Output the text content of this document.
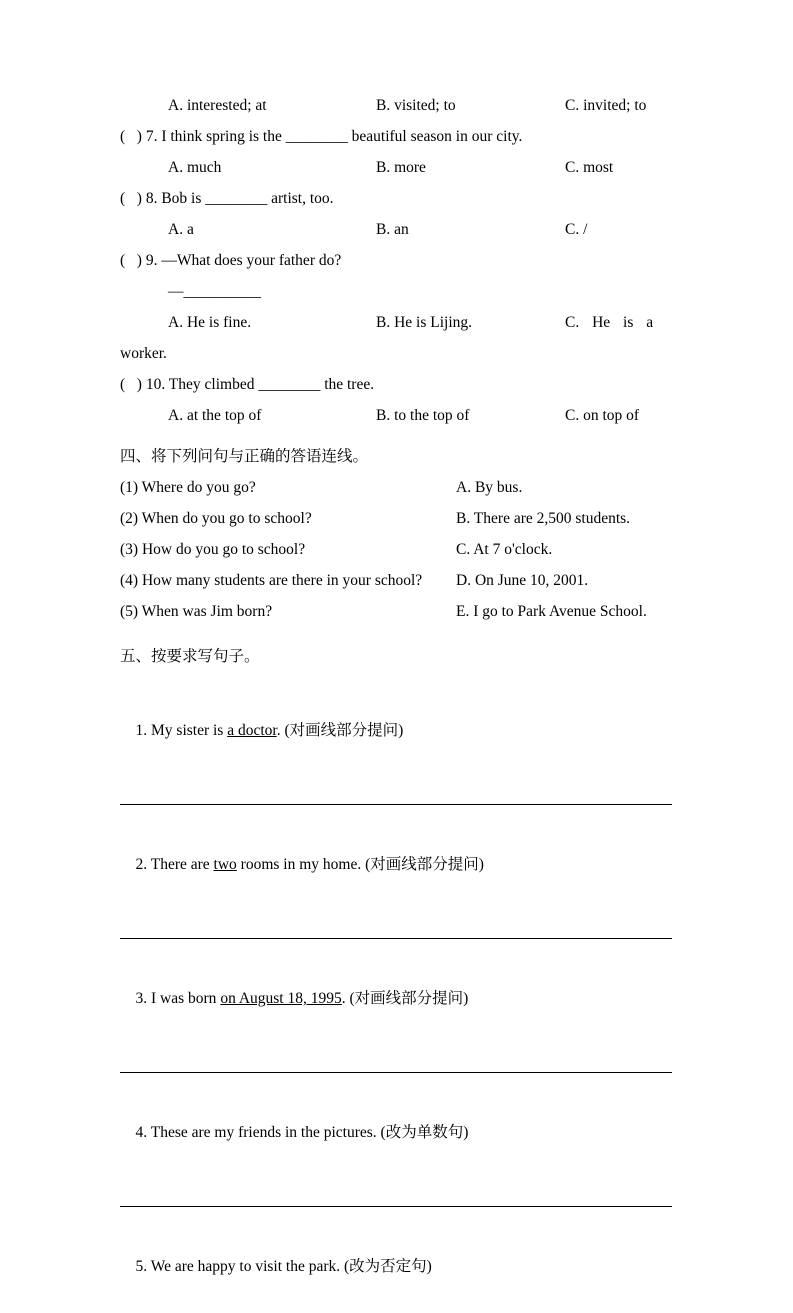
A. interested; at	B. visited; to	C. invited; to
(   ) 7. I think spring is the ________ beautiful season in our city.
A. much	B. more	C. most
(   ) 8. Bob is ________ artist, too.
A. a	B. an	C. /
(   ) 9. —What does your father do?
—__________
A. He is fine.	B. He is Lijing.	C. He is a
worker.
(   ) 10. They climbed ________ the tree.
A. at the top of	B. to the top of	C. on top of
四、将下列问句与正确的答语连线。
(1) Where do you go?	A. By bus.
(2) When do you go to school?	B. There are 2,500 students.
(3) How do you go to school?	C. At 7 o'clock.
(4) How many students are there in your school?	D. On June 10, 2001.
(5) When was Jim born?	E. I go to Park Avenue School.
五、按要求写句子。

1. My sister is a doctor. (对画线部分提问)

2. There are two rooms in my home. (对画线部分提问)

3. I was born on August 18, 1995. (对画线部分提问)

4. These are my friends in the pictures. (改为单数句)

5. We are happy to visit the park. (改为否定句)
